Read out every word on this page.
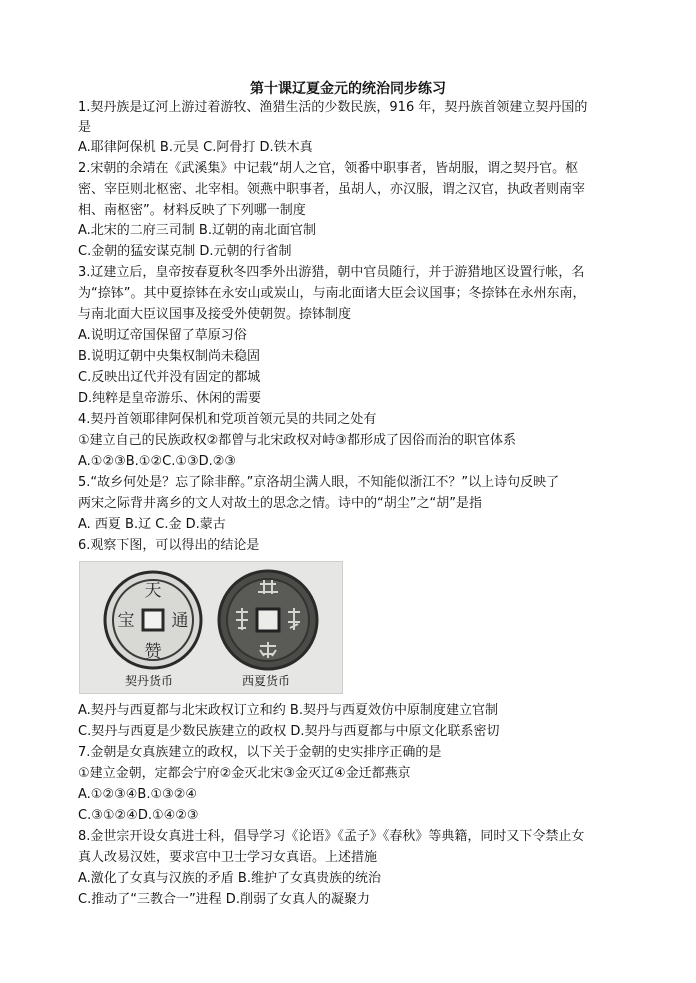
第十课辽夏金元的统治同步练习
1.契丹族是辽河上游过着游牧、渔猎生活的少数民族，916 年，契丹族首领建立契丹国的
是
A.耶律阿保机 B.元昊 C.阿骨打 D.铁木真
2.宋朝的余靖在《武溪集》中记载“胡人之官，领番中职事者，皆胡服，谓之契丹官。枢
密、宰臣则北枢密、北宰相。领燕中职事者，虽胡人，亦汉服，谓之汉官，执政者则南宰
相、南枢密”。材料反映了下列哪一制度
A.北宋的二府三司制 B.辽朝的南北面官制
C.金朝的猛安谋克制 D.元朝的行省制
3.辽建立后，皇帝按春夏秋冬四季外出游猎，朝中官员随行，并于游猎地区设置行帐，名
为“捺钵”。其中夏捺钵在永安山或炭山，与南北面诸大臣会议国事；冬捺钵在永州东南，
与南北面大臣议国事及接受外使朝贺。捺钵制度
A.说明辽帝国保留了草原习俗
B.说明辽朝中央集权制尚未稳固
C.反映出辽代并没有固定的都城
D.纯粹是皇帝游乐、休闲的需要
4.契丹首领耶律阿保机和党项首领元昊的共同之处有
①建立自己的民族政权②都曾与北宋政权对峙③都形成了因俗而治的职官体系
A.①②③B.①②C.①③D.②③
5.“故乡何处是？忘了除非醉。”京洛胡尘满人眼，不知能似浙江不？”以上诗句反映了
两宋之际背井离乡的文人对故土的思念之情。诗中的“胡尘”之“胡”是指
A. 西夏 B.辽 C.金 D.蒙古
6.观察下图，可以得出的结论是
天
赞
通
宝
契丹货币	西夏货币
A.契丹与西夏都与北宋政权订立和约 B.契丹与西夏效仿中原制度建立官制
C.契丹与西夏是少数民族建立的政权 D.契丹与西夏都与中原文化联系密切
7.金朝是女真族建立的政权，以下关于金朝的史实排序正确的是
①建立金朝，定都会宁府②金灭北宋③金灭辽④金迁都燕京
A.①②③④B.①③②④
C.③①②④D.①④②③
8.金世宗开设女真进士科，倡导学习《论语》《孟子》《春秋》等典籍，同时又下令禁止女
真人改易汉姓，要求宫中卫士学习女真语。上述措施
A.激化了女真与汉族的矛盾 B.维护了女真贵族的统治
C.推动了“三教合一”进程 D.削弱了女真人的凝聚力
